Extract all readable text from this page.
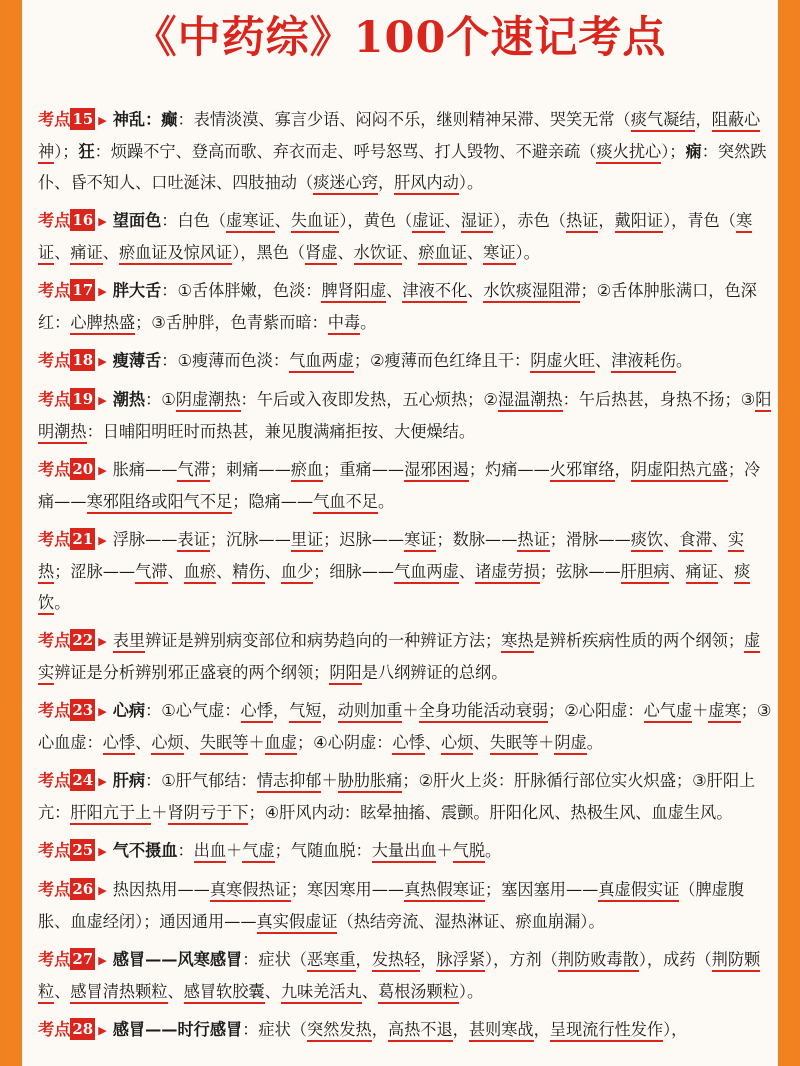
《中药综》100个速记考点
考点 15 ▶ 神乱：癫：表情淡漠、寡言少语、闷闷不乐，继则精神呆滞、哭笑无常（痰气凝结，阻蔽心神）；狂：烦躁不宁、登高而歌、弃衣而走、呼号怒骂、打人毁物、不避亲疏（痰火扰心）；痫：突然跌仆、昏不知人、口吐涎沫、四肢抽动（痰迷心窍，肝风内动）。
考点 16 ▶ 望面色：白色（虚寒证、失血证），黄色（虚证、湿证），赤色（热证，戴阳证），青色（寒证、痛证、瘀血证及惊风证），黑色（肾虚、水饮证、瘀血证、寒证）。
考点 17 ▶ 胖大舌：①舌体胖嫩，色淡：脾肾阳虚、津液不化、水饮痰湿阻滞；②舌体肿胀满口，色深红：心脾热盛；③舌肿胖，色青紫而暗：中毒。
考点 18 ▶ 瘦薄舌：①瘦薄而色淡：气血两虚；②瘦薄而色红绛且干：阴虚火旺、津液耗伤。
考点 19 ▶ 潮热：①阴虚潮热：午后或入夜即发热，五心烦热；②湿温潮热：午后热甚，身热不扬；③阳明潮热：日晡阳明旺时而热甚，兼见腹满痛拒按、大便燥结。
考点 20 ▶ 胀痛——气滞；刺痛——瘀血；重痛——湿邪困遏；灼痛——火邪窜络，阴虚阳热亢盛；冷痛——寒邪阻络或阳气不足；隐痛——气血不足。
考点 21 ▶ 浮脉——表证；沉脉——里证；迟脉——寒证；数脉——热证；滑脉——痰饮、食滞、实热；涩脉——气滞、血瘀、精伤、血少；细脉——气血两虚、诸虚劳损；弦脉——肝胆病、痛证、痰饮。
考点 22 ▶ 表里辨证是辨别病变部位和病势趋向的一种辨证方法；寒热是辨析疾病性质的两个纲领；虚实辨证是分析辨别邪正盛衰的两个纲领；阴阳是八纲辨证的总纲。
考点 23 ▶ 心病：①心气虚：心悸，气短，动则加重＋全身功能活动衰弱；②心阳虚：心气虚＋虚寒；③心血虚：心悸、心烦、失眠等＋血虚；④心阴虚：心悸、心烦、失眠等＋阴虚。
考点 24 ▶ 肝病：①肝气郁结：情志抑郁＋胁肋胀痛；②肝火上炎：肝脉循行部位实火炽盛；③肝阳上亢：肝阳亢于上＋肾阴亏于下；④肝风内动：眩晕抽搐、震颤。肝阳化风、热极生风、血虚生风。
考点 25 ▶ 气不摄血：出血＋气虚；气随血脱：大量出血＋气脱。
考点 26 ▶ 热因热用——真寒假热证；寒因寒用——真热假寒证；塞因塞用——真虚假实证（脾虚腹胀、血虚经闭）；通因通用——真实假虚证（热结旁流、湿热淋证、瘀血崩漏）。
考点 27 ▶ 感冒——风寒感冒：症状（恶寒重，发热轻，脉浮紧），方剂（荆防败毒散），成药（荆防颗粒、感冒清热颗粒、感冒软胶囊、九味羌活丸、葛根汤颗粒）。
考点 28 ▶ 感冒——时行感冒：症状（突然发热，高热不退，甚则寒战，呈现流行性发作），
